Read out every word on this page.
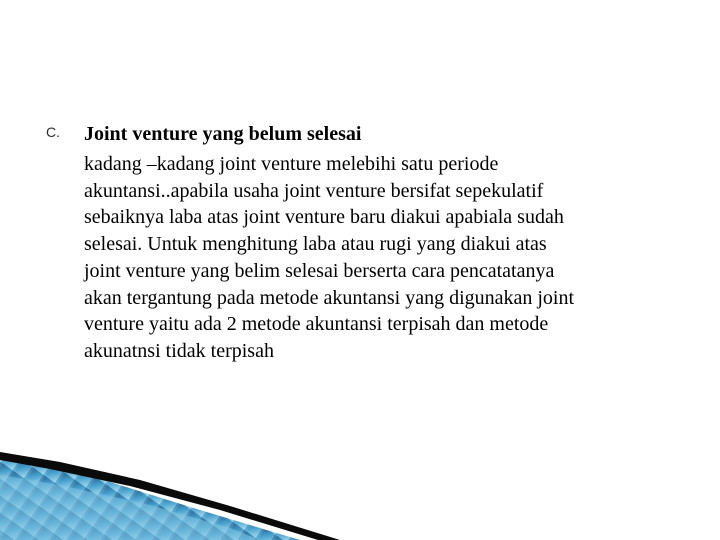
C. Joint venture yang belum selesai

kadang –kadang joint venture melebihi satu periode
akuntansi..apabila usaha joint venture bersifat sepekulatif
sebaiknya laba atas joint venture baru diakui apabiala sudah
selesai. Untuk menghitung laba atau rugi yang diakui atas
joint venture yang belim selesai berserta cara pencatatanya
akan tergantung pada metode akuntansi yang digunakan joint
venture yaitu ada 2 metode akuntansi terpisah dan metode
akunatnsi tidak terpisah
